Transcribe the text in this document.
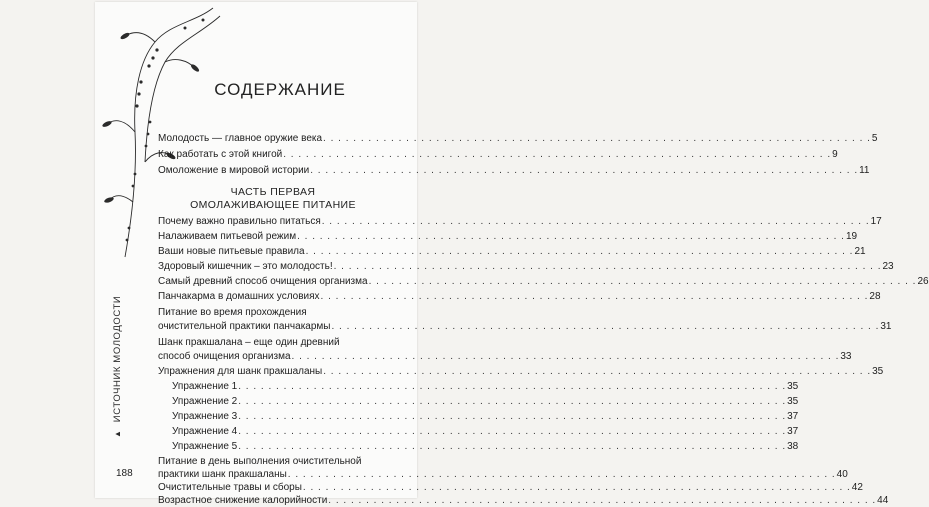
▲ ИСТОЧНИК МОЛОДОСТИ
188
СОДЕРЖАНИЕ
Молодость — главное оружие века . . .	5
Как работать с этой книгой . . .	9
Омоложение в мировой истории . . .	11
ЧАСТЬ ПЕРВАЯ
ОМОЛАЖИВАЮЩЕЕ ПИТАНИЕ
Почему важно правильно питаться . . .	17
Налаживаем питьевой режим . . .	19
Ваши новые питьевые правила . . .	21
Здоровый кишечник – это молодость! . . .	23
Самый древний способ очищения организма . . .	26
Панчакарма в домашних условиях . . .	28
Питание во время прохождения
очистительной практики панчакармы . . .	31
Шанк пракшалана – еще один древний
способ очищения организма . . .	33
Упражнения для шанк пракшаланы . . .	35
Упражнение 1 . . .	35
Упражнение 2 . . .	35
Упражнение 3 . . .	37
Упражнение 4 . . .	37
Упражнение 5 . . .	38
Питание в день выполнения очистительной
практики шанк пракшаланы . . .	40
Очистительные травы и сборы . . .	42
Возрастное снижение калорийности . . .	44
